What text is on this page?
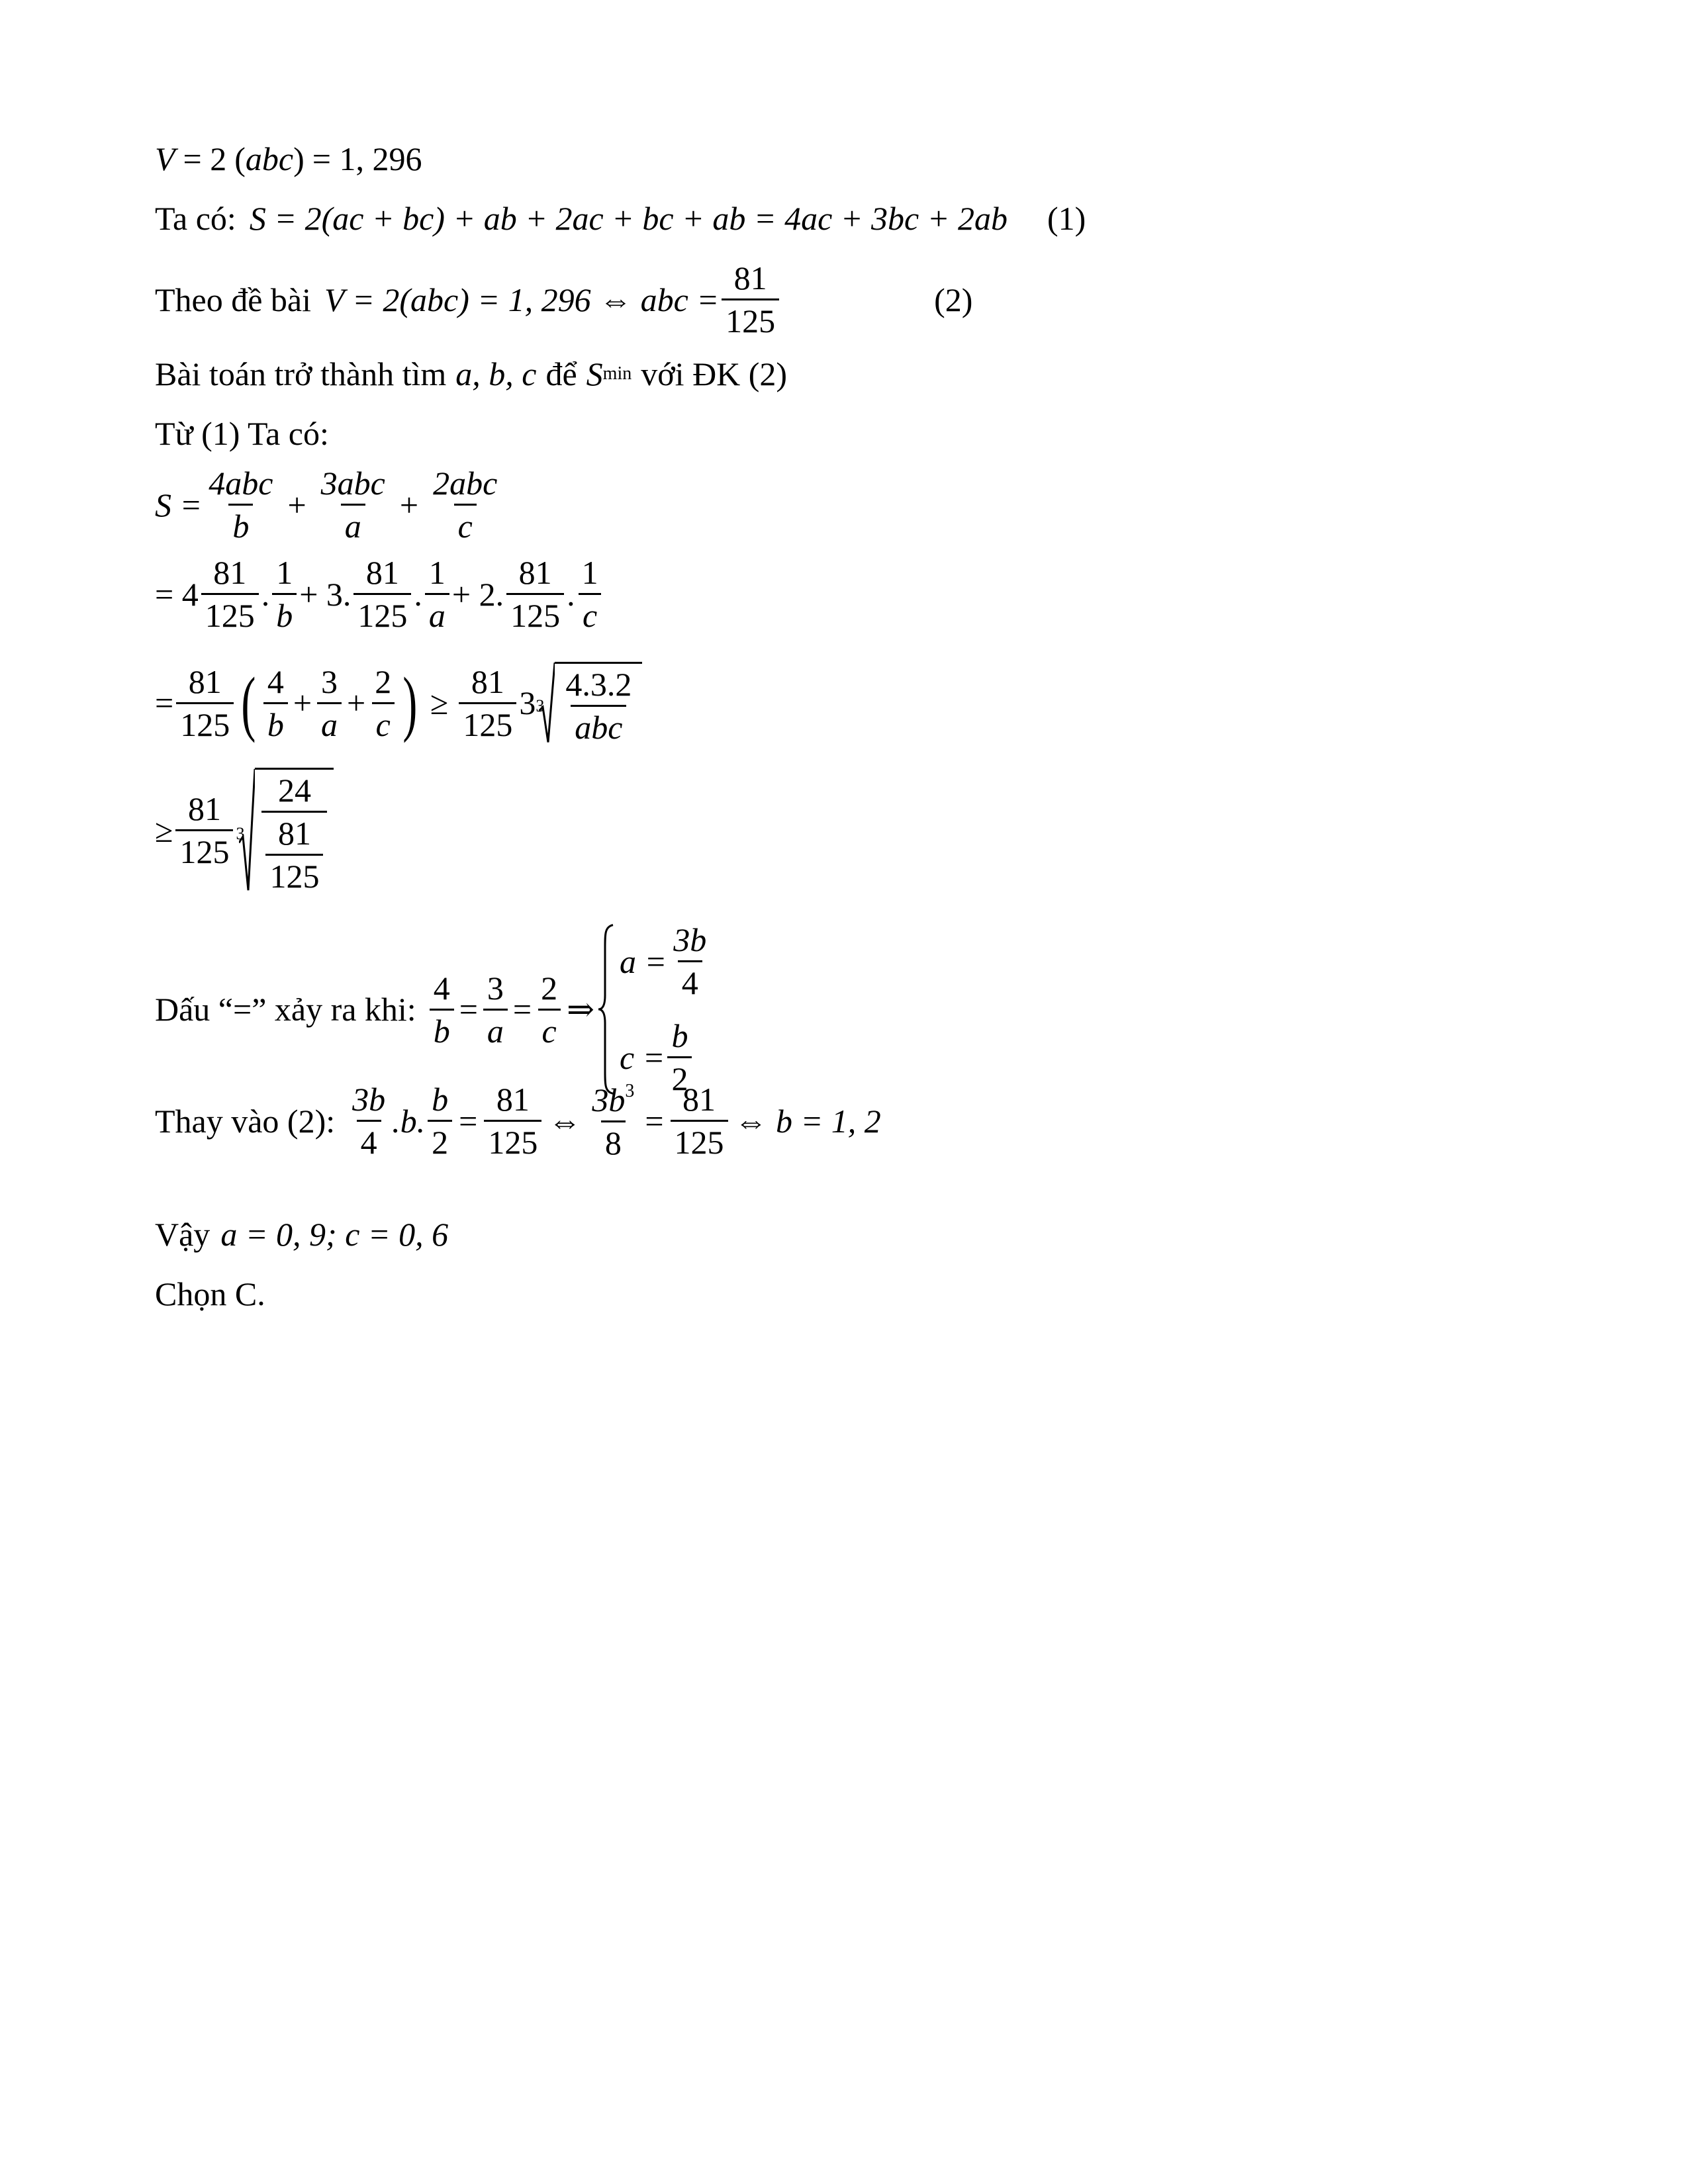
V = 2 ( abc ) = 1, 296
Ta có: S = 2(ac + bc) + ab + 2ac + bc + ab = 4ac + 3bc + 2ab (1)
Theo đề bài V = 2(abc) = 1, 296 ⇔ abc = $\frac{81}{125}$	(2)
Bài toán trở thành tìm a, b, c để S min với ĐK (2)
Từ (1) Ta có:
$S = \frac{\text{4abc}}{b} + \frac{\text{3abc}}{a} + \frac{\text{2abc}}{c}$
= $4 \frac{81}{125}$ . $\frac{1}{b} + 3$. $\frac{81}{125}$ . $\frac{1}{a} + 2$. $\frac{81}{125}$ . $\frac{1}{c}$
= $\frac{81}{125}$ ( $\frac{4}{b} + \frac{3}{a} + \frac{2}{c}$ ) ≥ $\frac{81}{125} 3$ $3 \frac{4.3.2}{\text{abc}}$
≥ $\frac{81}{125} 3 \frac{24}{\frac{81}{125}}$
Dấu “=” xảy ra khi: $\frac{4}{b} = \frac{3}{a} = \frac{2}{c}$ ⇒
$a = \frac{3b}{4}$
$c = \frac{b}{2}$
Thay vào (2): $\frac{3b}{4} .b$. $\frac{b}{2} = \frac{81}{125}$ ⇔ $\frac{3b^3}{8} = \frac{81}{125}$ ⇔ b = 1, 2
Vậy a = 0, 9; c = 0, 6
Chọn C.
